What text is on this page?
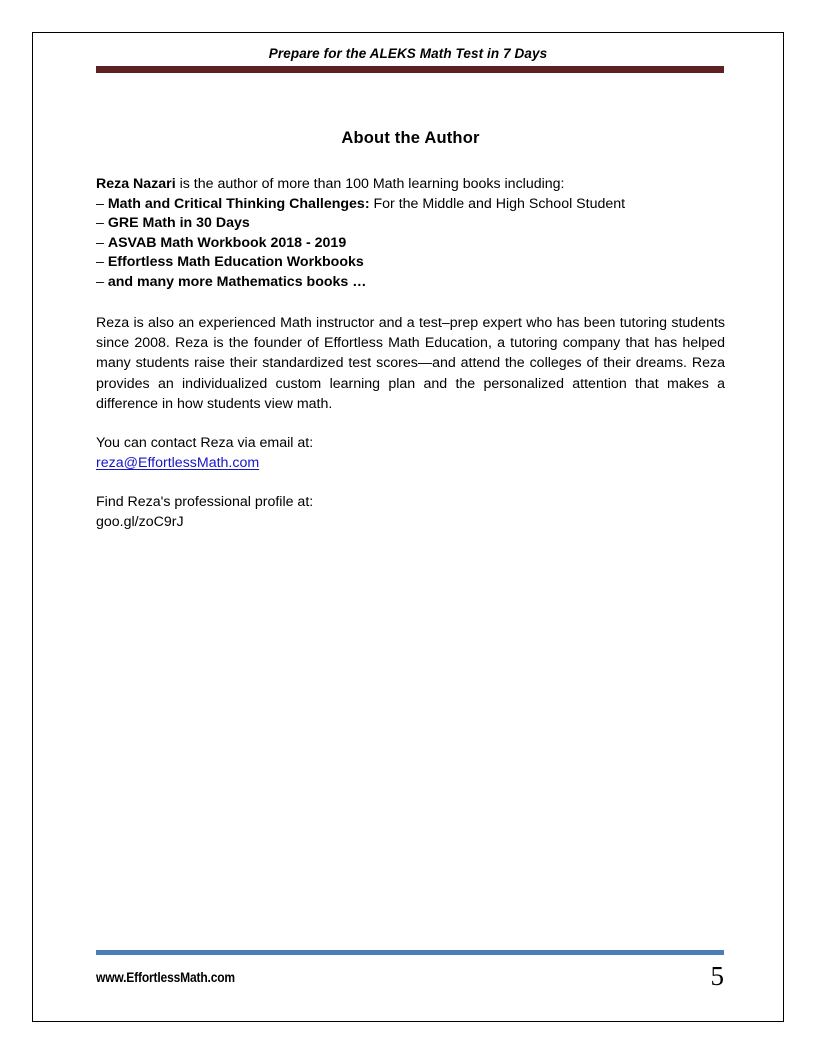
Prepare for the ALEKS Math Test in 7 Days
About the Author

Reza Nazari is the author of more than 100 Math learning books including:

– Math and Critical Thinking Challenges: For the Middle and High School Student
– GRE Math in 30 Days
– ASVAB Math Workbook 2018 - 2019
– Effortless Math Education Workbooks
– and many more Mathematics books …

Reza is also an experienced Math instructor and a test–prep expert who has been tutoring students since 2008. Reza is the founder of Effortless Math Education, a tutoring company that has helped many students raise their standardized test scores—and attend the colleges of their dreams. Reza provides an individualized custom learning plan and the personalized attention that makes a difference in how students view math.

You can contact Reza via email at:
reza@EffortlessMath.com
Find Reza's professional profile at:
goo.gl/zoC9rJ
www.EffortlessMath.com	5
